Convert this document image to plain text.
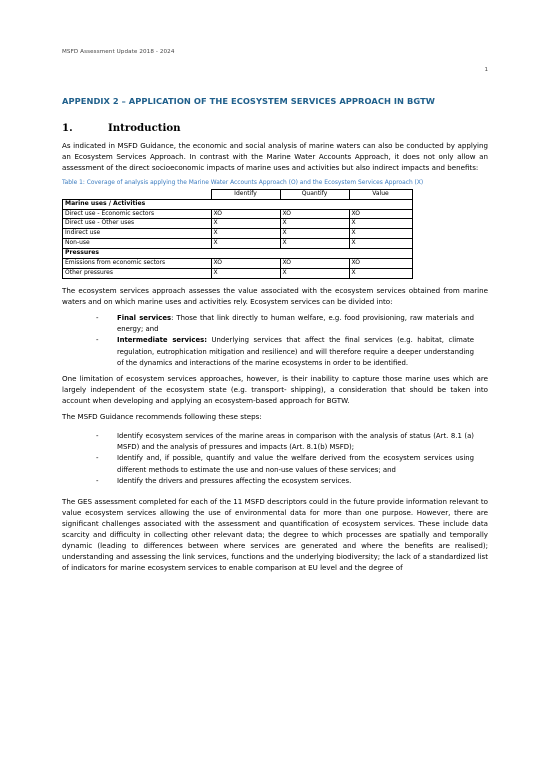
MSFD Assessment Update 2018 - 2024
1
APPENDIX 2 – APPLICATION OF THE ECOSYSTEM SERVICES APPROACH IN BGTW
1.	Introduction

As indicated in MSFD Guidance, the economic and social analysis of marine waters can also be conducted by applying an Ecosystem Services Approach. In contrast with the Marine Water Accounts Approach, it does not only allow an assessment of the direct socioeconomic impacts of marine uses and activities but also indirect impacts and benefits:

Table 1: Coverage of analysis applying the Marine Water Accounts Approach (O) and the Ecosystem Services Approach (X)
	Identify	Quantify	Value
Marine uses / Activities			
Direct use - Economic sectors	XO	XO	XO
Direct use - Other uses	X	X	X
Indirect use	X	X	X
Non-use	X	X	X
Pressures			
Emissions from economic sectors	XO	XO	XO
Other pressures	X	X	X

The ecosystem services approach assesses the value associated with the ecosystem services obtained from marine waters and on which marine uses and activities rely. Ecosystem services can be divided into:

-	Final services: Those that link directly to human welfare, e.g. food provisioning, raw materials and energy; and
-	Intermediate services: Underlying services that affect the final services (e.g. habitat, climate regulation, eutrophication mitigation and resilience) and will therefore require a deeper understanding of the dynamics and interactions of the marine ecosystems in order to be identified.

One limitation of ecosystem services approaches, however, is their inability to capture those marine uses which are largely independent of the ecosystem state (e.g. transport- shipping), a consideration that should be taken into account when developing and applying an ecosystem-based approach for BGTW.

The MSFD Guidance recommends following these steps:

-	Identify ecosystem services of the marine areas in comparison with the analysis of status (Art. 8.1 (a) MSFD) and the analysis of pressures and impacts (Art. 8.1(b) MSFD);
-	Identify and, if possible, quantify and value the welfare derived from the ecosystem services using different methods to estimate the use and non-use values of these services; and
-	Identify the drivers and pressures affecting the ecosystem services.

The GES assessment completed for each of the 11 MSFD descriptors could in the future provide information relevant to value ecosystem services allowing the use of environmental data for more than one purpose. However, there are significant challenges associated with the assessment and quantification of ecosystem services. These include data scarcity and difficulty in collecting other relevant data; the degree to which processes are spatially and temporally dynamic (leading to differences between where services are generated and where the benefits are realised); understanding and assessing the link services, functions and the underlying biodiversity; the lack of a standardized list of indicators for marine ecosystem services to enable comparison at EU level and the degree of
